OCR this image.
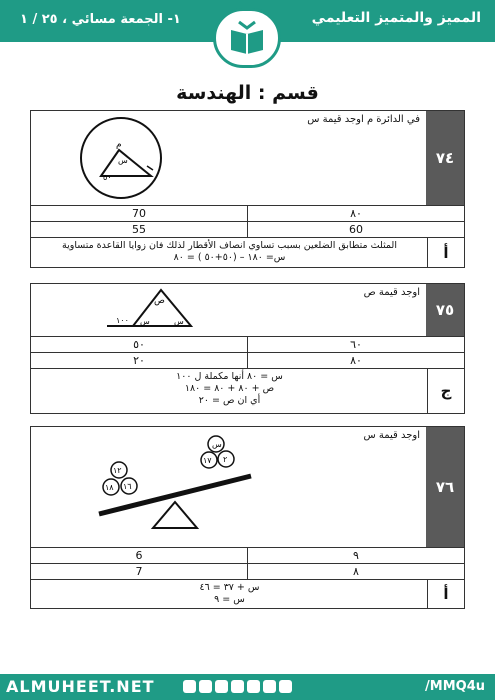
المميز والمتميز التعليمي
١- الجمعة مسائي ، ٢٥ / ١
قسم : الهندسة
٧٤
في الدائرة م اوجد قيمة س
م
س
٥٠
70	٨٠
55	60
أ
المثلث متطابق الضلعين بسبب تساوي انصاف الأقطار لذلك فان زوايا القاعدة متساوية
س= ١٨٠ – (٥٠+٥٠ ) = ٨٠
٧٥
اوجد قيمة ص
ص
١٠٠ س	س
٥٠	٦٠
٢٠	٨٠
ج
س = ٨٠ أنها مكملة ل ١٠٠
ص + ٨٠ + ٨٠ = ١٨٠
أي ان ص = ٢٠
٧٦
اوجد قيمة س
١٢
١٨ ١٦
س
١٧ ٢
6	٩
7	٨
أ
س + ٣٧ = ٤٦
س = ٩
ALMUHEET.NET	/MMQ4u
